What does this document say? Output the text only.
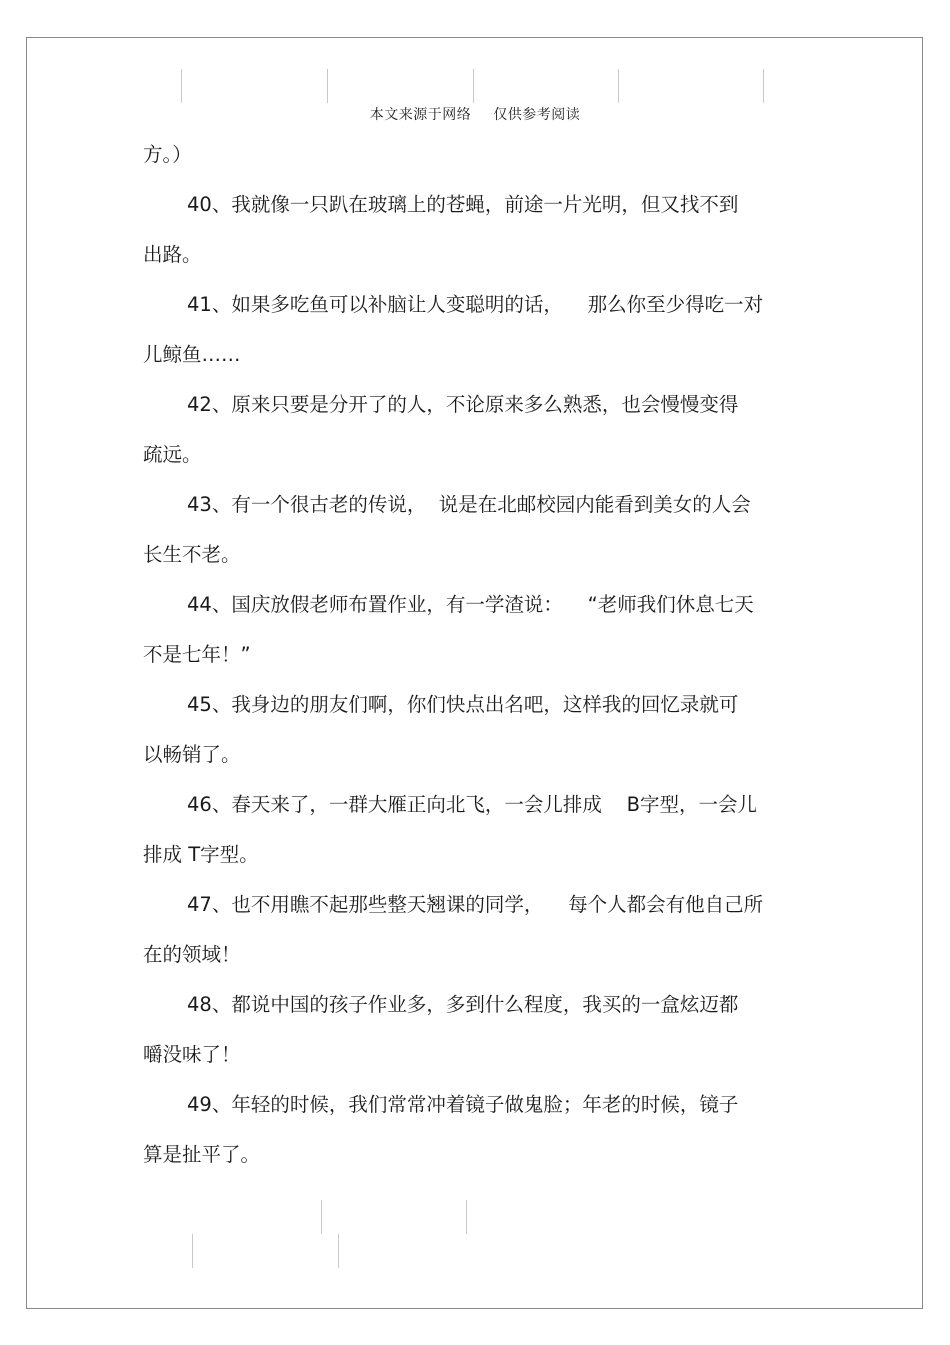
本文来源于网络 仅供参考阅读
方。）
40、我就像一只趴在玻璃上的苍蝇，前途一片光明，但又找不到
出路。
41、如果多吃鱼可以补脑让人变聪明的话，    那么你至少得吃一对
儿鲸鱼……
42、原来只要是分开了的人，不论原来多么熟悉，也会慢慢变得
疏远。
43、有一个很古老的传说，  说是在北邮校园内能看到美女的人会
长生不老。
44、国庆放假老师布置作业，有一学渣说：    “老师我们休息七天
不是七年！”
45、我身边的朋友们啊，你们快点出名吧，这样我的回忆录就可
以畅销了。
46、春天来了，一群大雁正向北飞，一会儿排成    B字型，一会儿
排成 T字型。
47、也不用瞧不起那些整天翘课的同学，    每个人都会有他自己所
在的领域！
48、都说中国的孩子作业多，多到什么程度，我买的一盒炫迈都
嚼没味了！
49、年轻的时候，我们常常冲着镜子做鬼脸；年老的时候，镜子
算是扯平了。
